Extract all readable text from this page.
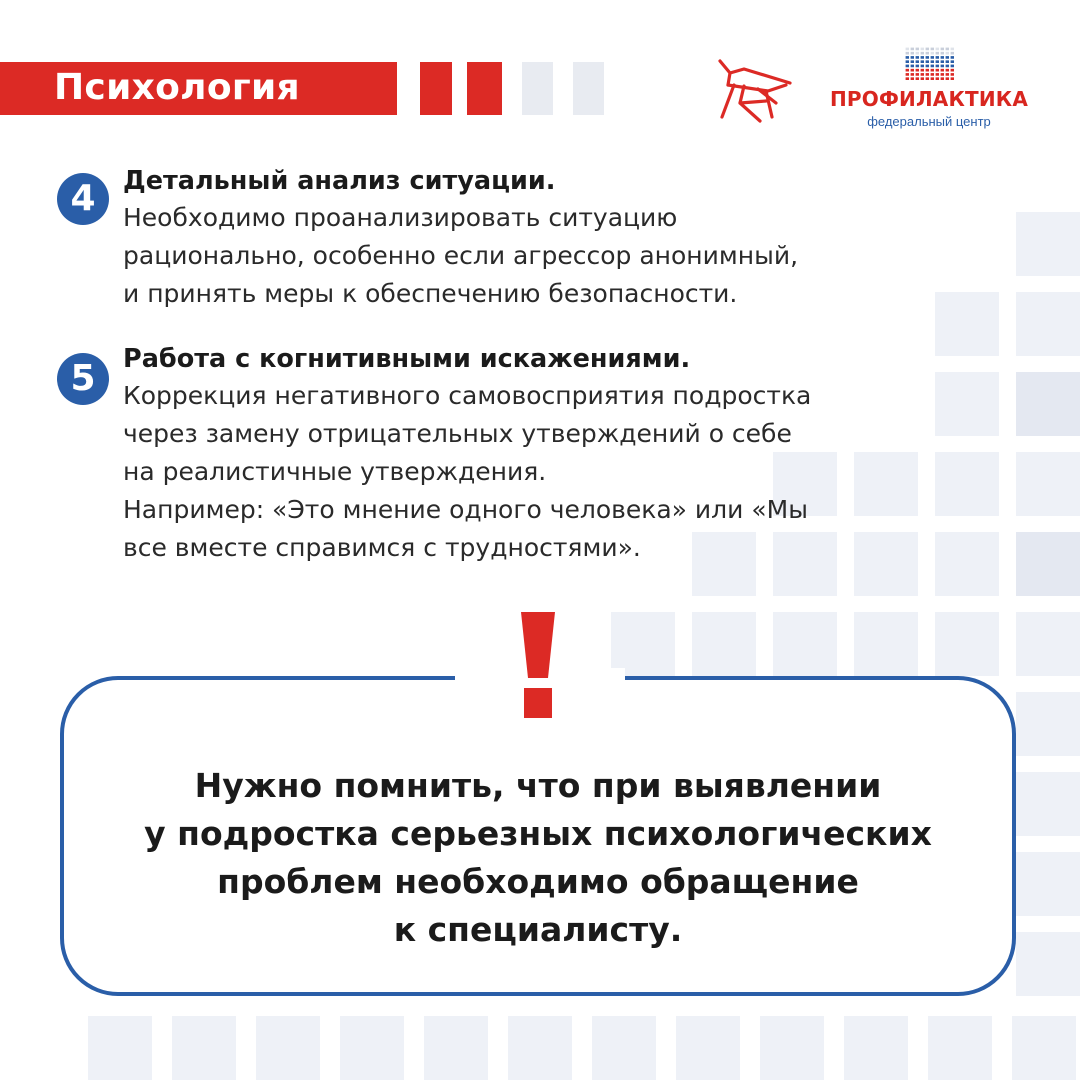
Психология	ПРОФИЛАКТИКА
федеральный центр
4	Детальный анализ ситуации.

Необходимо проанализировать ситуацию
рационально, особенно если агрессор анонимный,
и принять меры к обеспечению безопасности.

5	Работа с когнитивными искажениями.

Коррекция негативного самовосприятия подростка
через замену отрицательных утверждений о себе
на реалистичные утверждения.
Например: «Это мнение одного человека» или «Мы
все вместе справимся с трудностями».

Нужно помнить, что при выявлении
у подростка серьезных психологических
проблем необходимо обращение
к специалисту.
